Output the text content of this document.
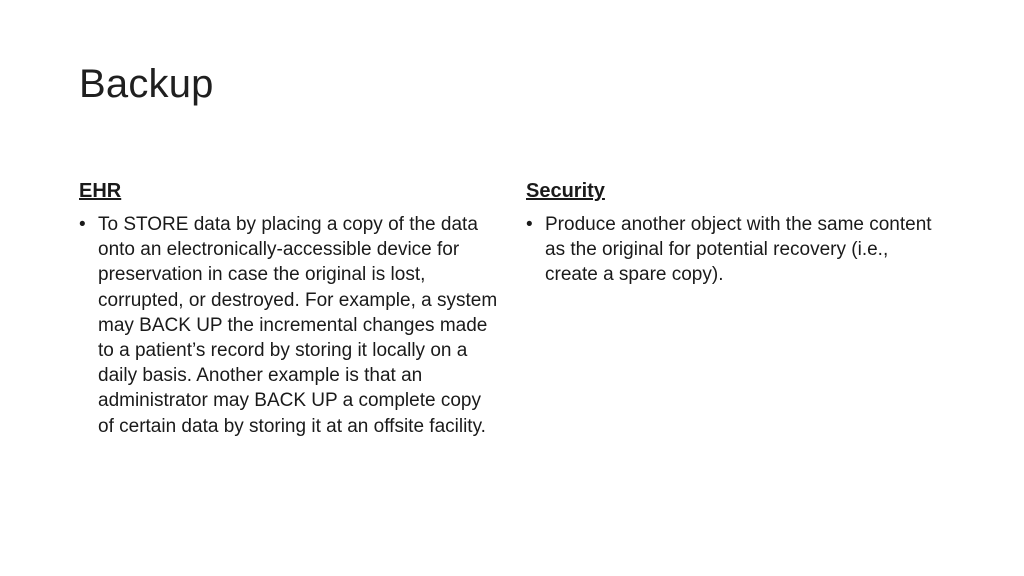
Backup
EHR
• To STORE data by placing a copy of the data onto an electronically-accessible device for preservation in case the original is lost, corrupted, or destroyed. For example, a system may BACK UP the incremental changes made to a patient’s record by storing it locally on a daily basis. Another example is that an administrator may BACK UP a complete copy of certain data by storing it at an offsite facility.
Security
• Produce another object with the same content as the original for potential recovery (i.e., create a spare copy).
